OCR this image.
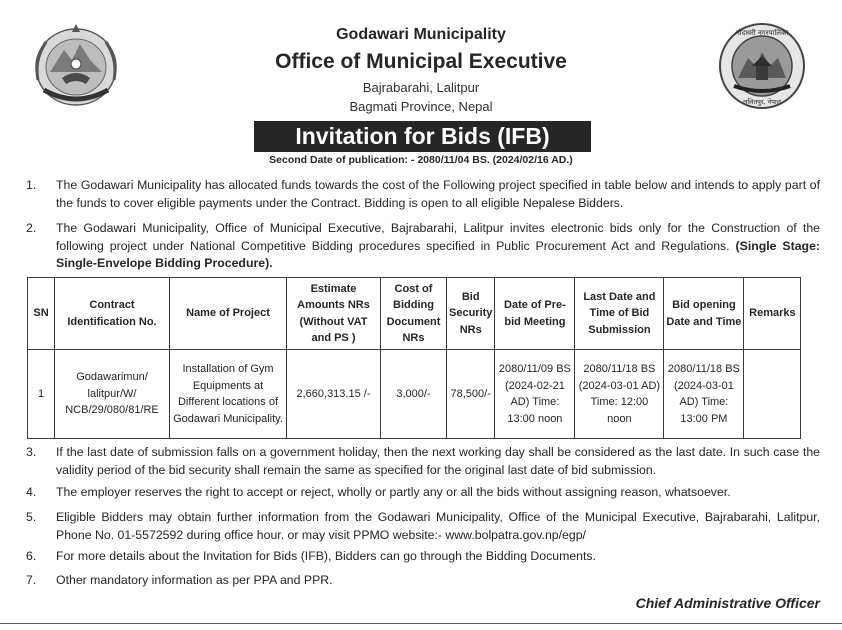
गोदावरी नगरपालिका
ललितपुर, नेपाल
Godawari Municipality
Office of Municipal Executive
Bajrabarahi, Lalitpur
Bagmati Province, Nepal
Invitation for Bids (IFB)
Second Date of publication: - 2080/11/04 BS. (2024/02/16 AD.)
1. The Godawari Municipality has allocated funds towards the cost of the Following project specified in table below and intends to apply part of the funds to cover eligible payments under the Contract. Bidding is open to all eligible Nepalese Bidders.
2. The Godawari Municipality, Office of Municipal Executive, Bajrabarahi, Lalitpur invites electronic bids only for the Construction of the following project under National Competitive Bidding procedures specified in Public Procurement Act and Regulations. (Single Stage: Single-Envelope Bidding Procedure).
SN	Contract Identification No.	Name of Project	Estimate Amounts NRs (Without VAT and PS )	Cost of Bidding Document NRs	Bid Security NRs	Date of Pre-bid Meeting	Last Date and Time of Bid Submission	Bid opening Date and Time	Remarks
1	Godawarimun/ lalitpur/W/ NCB/29/080/81/RE	Installation of Gym Equipments at Different locations of Godawari Municipality.	2,660,313.15 /-	3,000/-	78,500/-	2080/11/09 BS (2024-02-21 AD) Time: 13:00 noon	2080/11/18 BS (2024-03-01 AD) Time: 12:00 noon	2080/11/18 BS (2024-03-01 AD) Time: 13:00 PM	
3. If the last date of submission falls on a government holiday, then the next working day shall be considered as the last date. In such case the validity period of the bid security shall remain the same as specified for the original last date of bid submission.
4. The employer reserves the right to accept or reject, wholly or partly any or all the bids without assigning reason, whatsoever.
5. Eligible Bidders may obtain further information from the Godawari Municipality, Office of the Municipal Executive, Bajrabarahi, Lalitpur, Phone No. 01-5572592 during office hour. or may visit PPMO website:- www.bolpatra.gov.np/egp/
6. For more details about the Invitation for Bids (IFB), Bidders can go through the Bidding Documents.
7. Other mandatory information as per PPA and PPR.
Chief Administrative Officer
